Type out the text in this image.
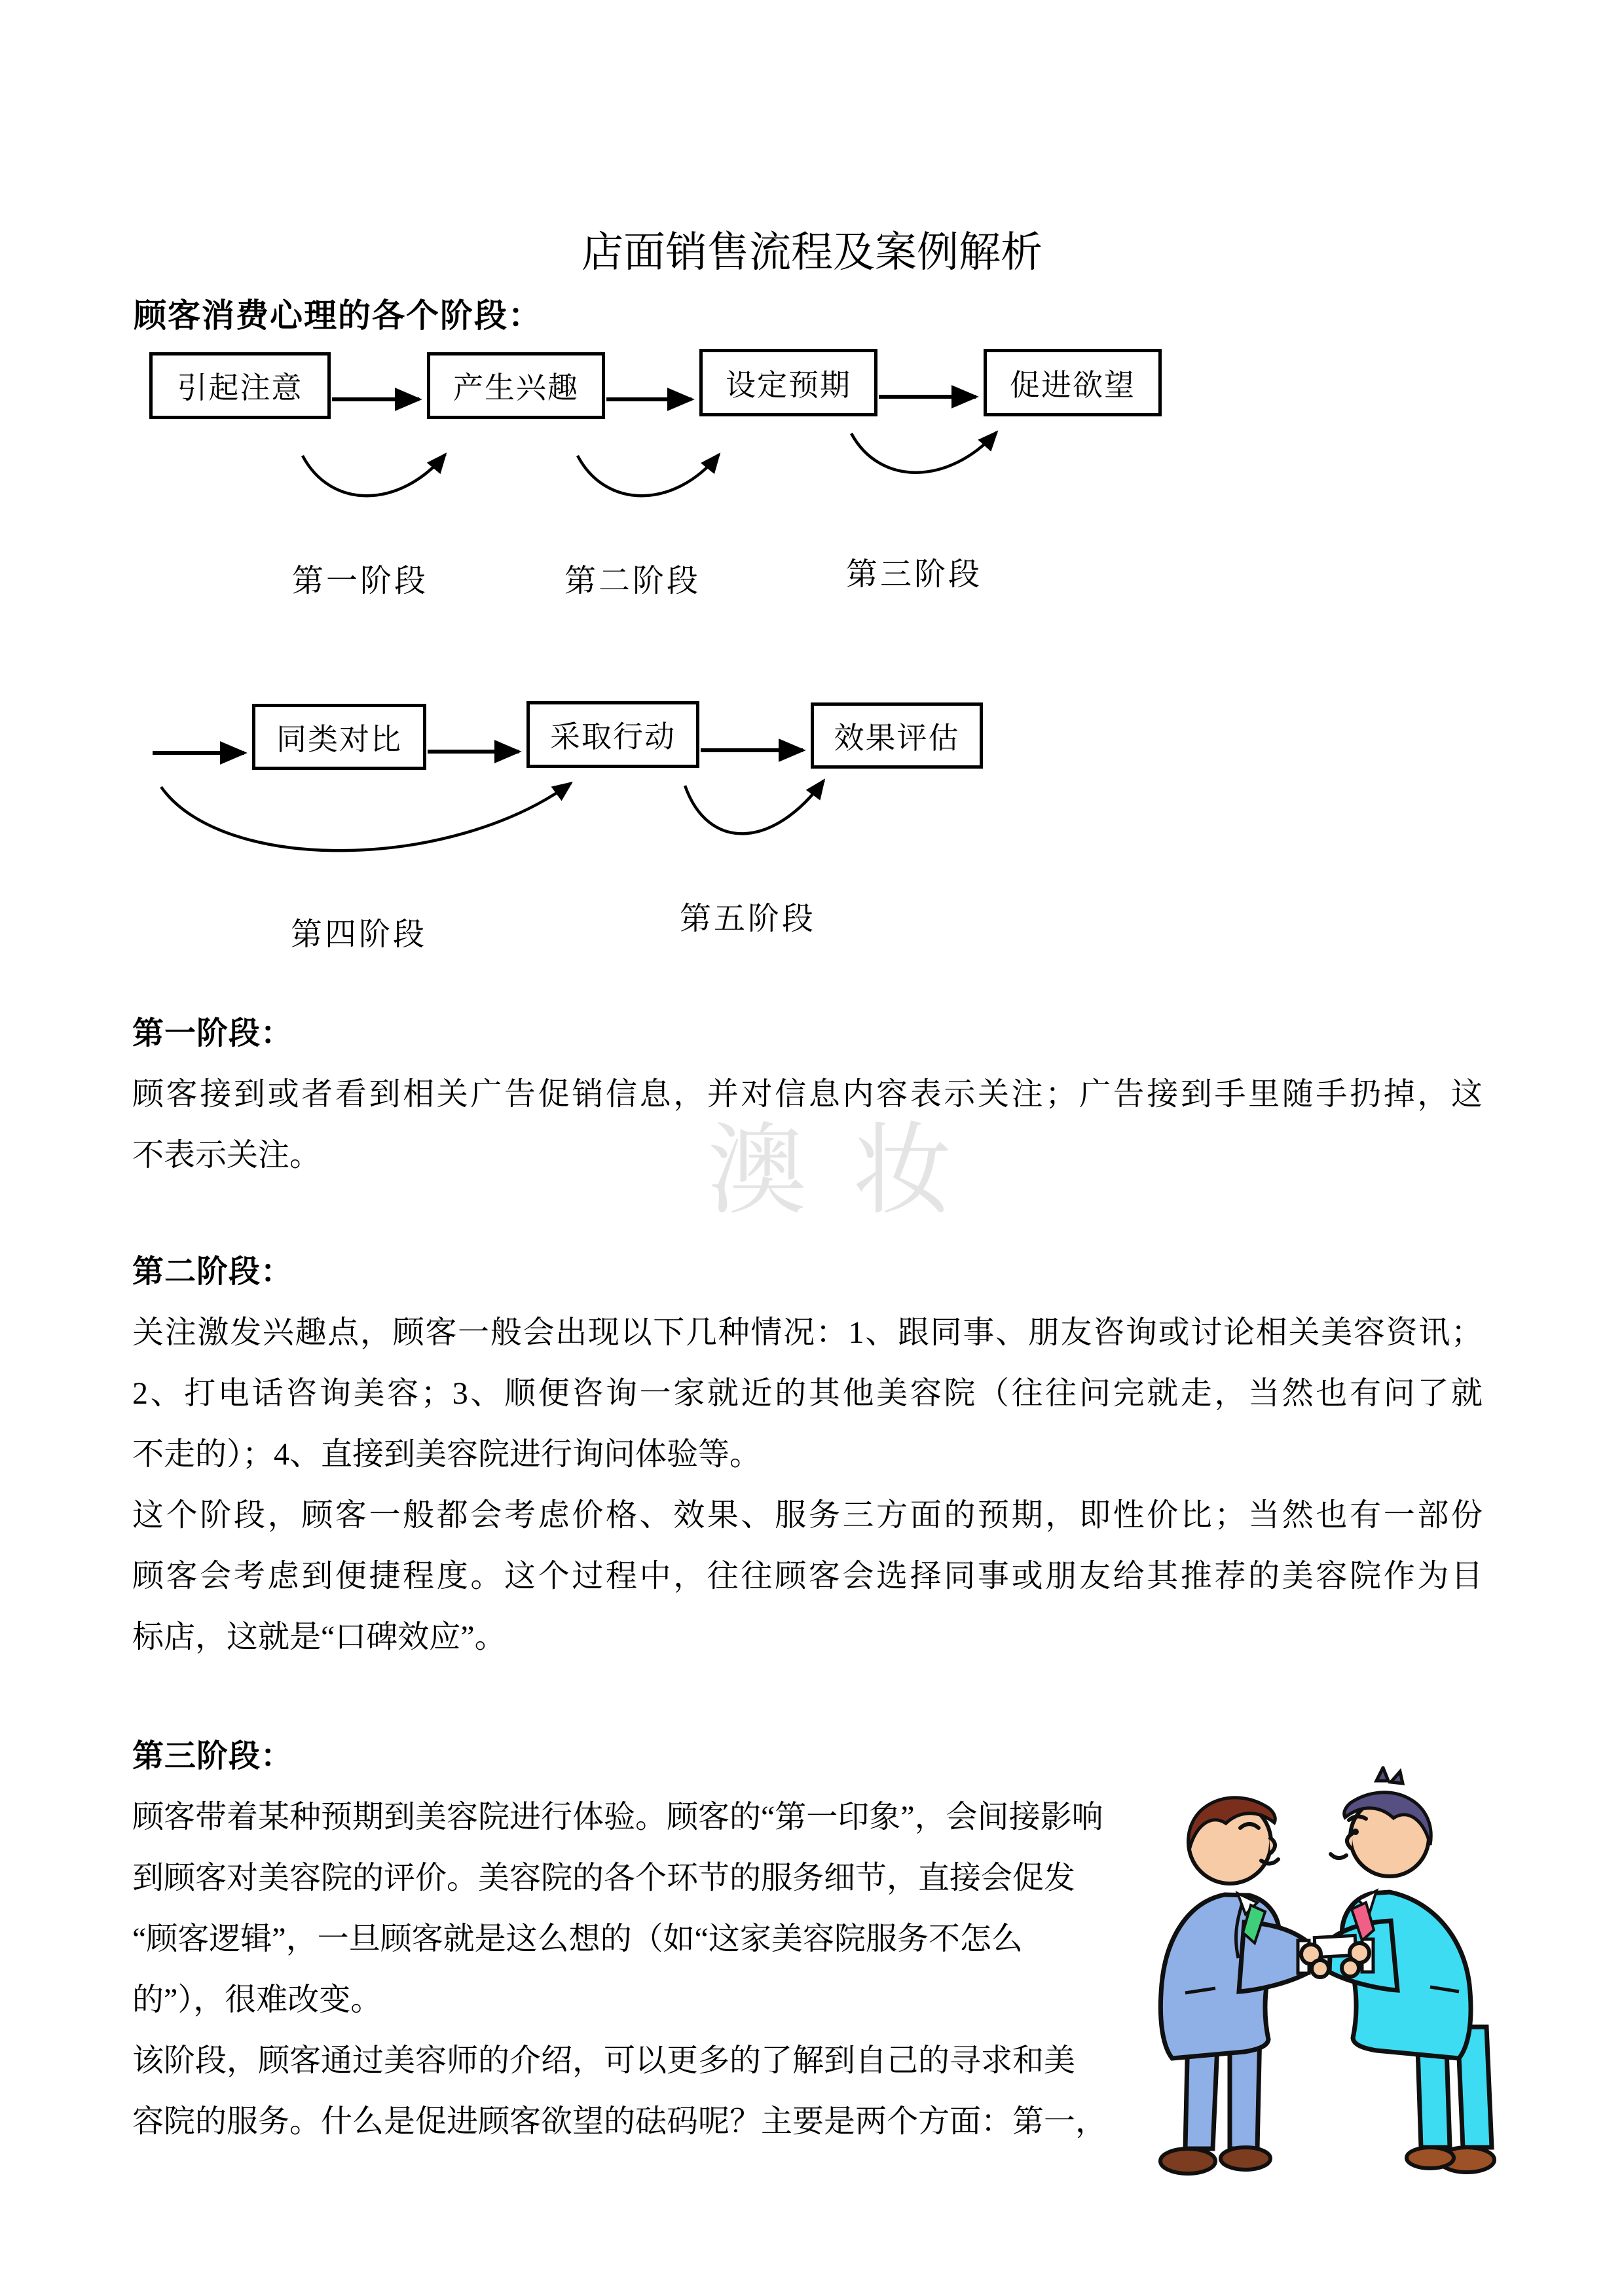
澳 妆
店面销售流程及案例解析
顾客消费心理的各个阶段：
引起注意	产生兴趣	设定预期	促进欲望
同类对比	采取行动	效果评估
第一阶段	第二阶段	第三阶段
第四阶段	第五阶段
第一阶段：
顾客接到或者看到相关广告促销信息，并对信息内容表示关注；广告接到手里随手扔掉，这
不表示关注。
第二阶段：
关注激发兴趣点，顾客一般会出现以下几种情况：1、跟同事、朋友咨询或讨论相关美容资讯；
2、打电话咨询美容；3、顺便咨询一家就近的其他美容院（往往问完就走，当然也有问了就
不走的）；4、直接到美容院进行询问体验等。
这个阶段，顾客一般都会考虑价格、效果、服务三方面的预期，即性价比；当然也有一部份
顾客会考虑到便捷程度。这个过程中，往往顾客会选择同事或朋友给其推荐的美容院作为目
标店，这就是“口碑效应”。
第三阶段：
顾客带着某种预期到美容院进行体验。顾客的“第一印象”，会间接影响
到顾客对美容院的评价。美容院的各个环节的服务细节，直接会促发
“顾客逻辑”，一旦顾客就是这么想的（如“这家美容院服务不怎么
的”），很难改变。
该阶段，顾客通过美容师的介绍，可以更多的了解到自己的寻求和美
容院的服务。什么是促进顾客欲望的砝码呢？主要是两个方面：第一，
